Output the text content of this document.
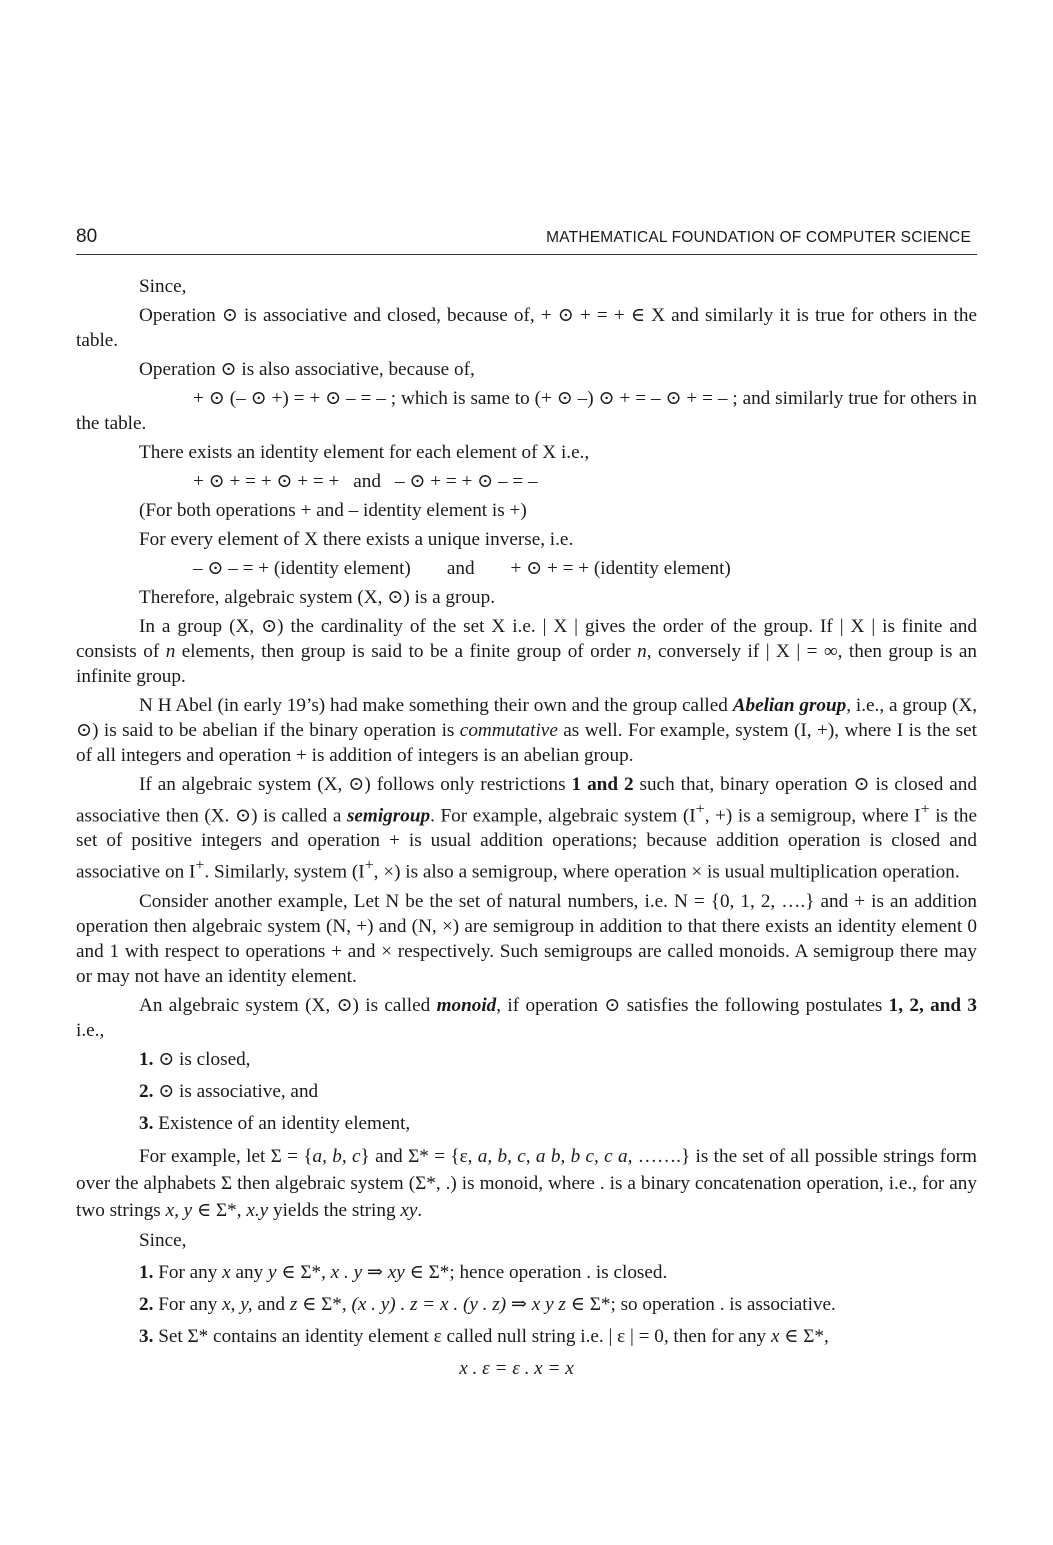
80	MATHEMATICAL FOUNDATION OF COMPUTER SCIENCE

Since,

Operation ⊙ is associative and closed, because of, + ⊙ + = + ∈ X and similarly it is true for others in the table.

Operation ⊙ is also associative, because of,

+ ⊙ (– ⊙ +) = + ⊙ – = – ; which is same to (+ ⊙ –) ⊙ + = – ⊙ + = – ; and similarly true for others in the table.

There exists an identity element for each element of X i.e.,

+ ⊙ + = + ⊙ + = + and – ⊙ + = + ⊙ – = –

(For both operations + and – identity element is +)

For every element of X there exists a unique inverse, i.e.

– ⊙ – = + (identity element) and + ⊙ + = + (identity element)

Therefore, algebraic system (X, ⊙) is a group.

In a group (X, ⊙) the cardinality of the set X i.e. | X | gives the order of the group. If | X | is finite and consists of n elements, then group is said to be a finite group of order n, conversely if | X | = ∞, then group is an infinite group.

N H Abel (in early 19’s) had make something their own and the group called Abelian group, i.e., a group (X, ⊙) is said to be abelian if the binary operation is commutative as well. For example, system (I, +), where I is the set of all integers and operation + is addition of integers is an abelian group.

If an algebraic system (X, ⊙) follows only restrictions 1 and 2 such that, binary operation ⊙ is closed and associative then (X. ⊙) is called a semigroup. For example, algebraic system (I+, +) is a semigroup, where I+ is the set of positive integers and operation + is usual addition operations; because addition operation is closed and associative on I+. Similarly, system (I+, ×) is also a semigroup, where operation × is usual multiplication operation.

Consider another example, Let N be the set of natural numbers, i.e. N = {0, 1, 2, ….} and + is an addition operation then algebraic system (N, +) and (N, ×) are semigroup in addition to that there exists an identity element 0 and 1 with respect to operations + and × respectively. Such semigroups are called monoids. A semigroup there may or may not have an identity element.

An algebraic system (X, ⊙) is called monoid, if operation ⊙ satisfies the following postulates 1, 2, and 3 i.e.,

1. ⊙ is closed,

2. ⊙ is associative, and

3. Existence of an identity element,

For example, let Σ = {a, b, c} and Σ* = {ε, a, b, c, a b, b c, c a, …….} is the set of all possible strings form over the alphabets Σ then algebraic system (Σ*, .) is monoid, where . is a binary concatenation operation, i.e., for any two strings x, y ∈ Σ*, x.y yields the string xy.

Since,

1. For any x any y ∈ Σ*, x . y ⇒ xy ∈ Σ*; hence operation . is closed.

2. For any x, y, and z ∈ Σ*, (x . y) . z = x . (y . z) ⇒ x y z ∈ Σ*; so operation . is associative.

3. Set Σ* contains an identity element ε called null string i.e. | ε | = 0, then for any x ∈ Σ*,

x . ε = ε . x = x
